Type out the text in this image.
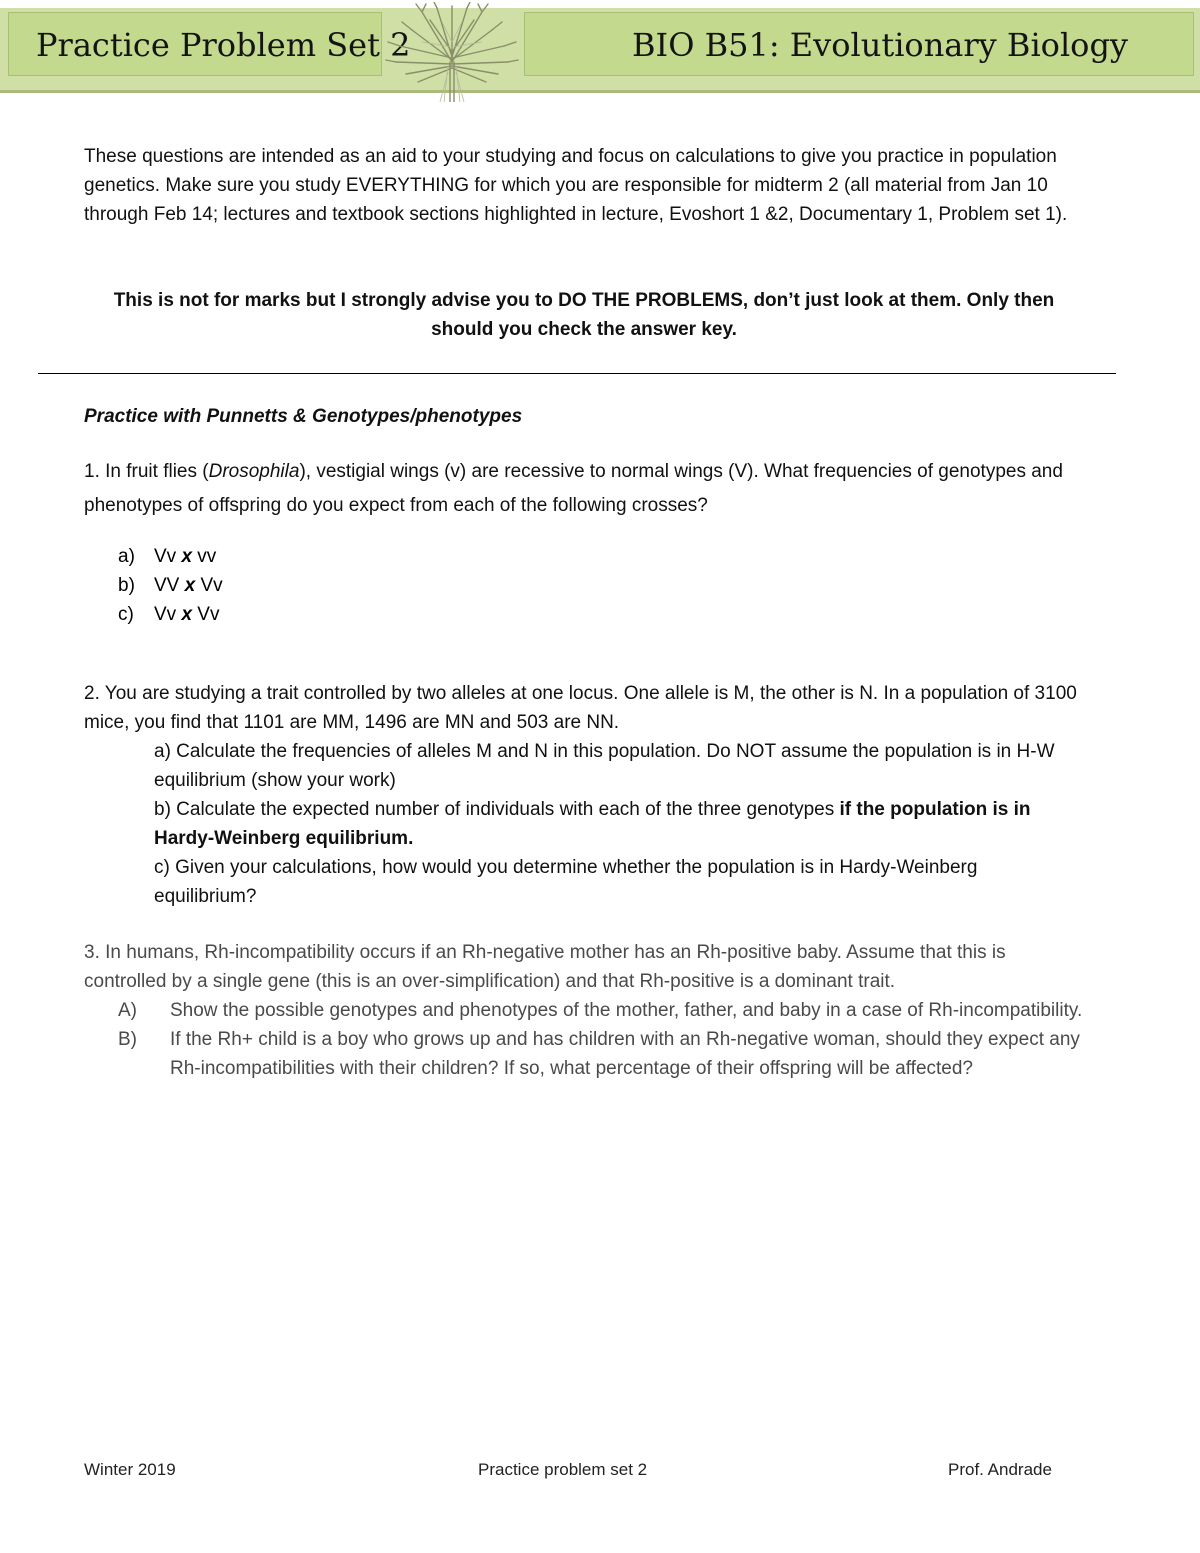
Practice Problem Set 2	BIO B51: Evolutionary Biology
These questions are intended as an aid to your studying and focus on calculations to give you practice in population genetics. Make sure you study EVERYTHING for which you are responsible for midterm 2 (all material from Jan 10 through Feb 14; lectures and textbook sections highlighted in lecture, Evoshort 1 &2, Documentary 1, Problem set 1).
This is not for marks but I strongly advise you to DO THE PROBLEMS, don’t just look at them. Only then should you check the answer key.
Practice with Punnetts & Genotypes/phenotypes
1. In fruit flies (Drosophila), vestigial wings (v) are recessive to normal wings (V). What frequencies of genotypes and phenotypes of offspring do you expect from each of the following crosses?
a) Vv x vv
b) VV x Vv
c) Vv x Vv
2. You are studying a trait controlled by two alleles at one locus. One allele is M, the other is N. In a population of 3100 mice, you find that 1101 are MM, 1496 are MN and 503 are NN.
a) Calculate the frequencies of alleles M and N in this population. Do NOT assume the population is in H-W equilibrium (show your work)
b) Calculate the expected number of individuals with each of the three genotypes if the population is in Hardy-Weinberg equilibrium.
c) Given your calculations, how would you determine whether the population is in Hardy-Weinberg equilibrium?
3. In humans, Rh-incompatibility occurs if an Rh-negative mother has an Rh-positive baby. Assume that this is controlled by a single gene (this is an over-simplification) and that Rh-positive is a dominant trait.
A)	Show the possible genotypes and phenotypes of the mother, father, and baby in a case of Rh-incompatibility.
B)	If the Rh+ child is a boy who grows up and has children with an Rh-negative woman, should they expect any Rh-incompatibilities with their children? If so, what percentage of their offspring will be affected?
Winter 2019	Practice problem set 2	Prof. Andrade
